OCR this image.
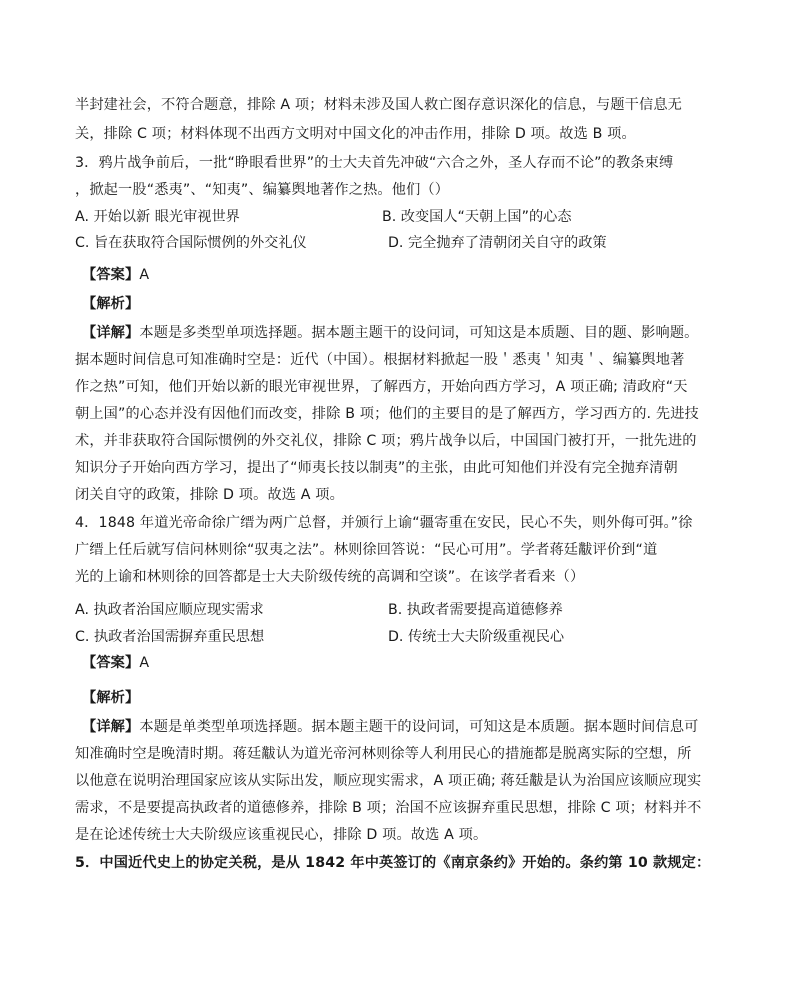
半封建社会，不符合题意，排除 A 项；材料未涉及国人救亡图存意识深化的信息，与题干信息无
关，排除 C 项；材料体现不出西方文明对中国文化的冲击作用，排除 D 项。故选 B 项。
3．鸦片战争前后，一批“睁眼看世界”的士大夫首先冲破“六合之外，圣人存而不论”的教条束缚
，掀起一股“悉夷”、“知夷”、编纂舆地著作之热。他们（）
A. 开始以新 眼光审视世界	B. 改变国人“天朝上国”的心态
C. 旨在获取符合国际惯例的外交礼仪	D. 完全抛弃了清朝闭关自守的政策
【答案】A
【解析】
【详解】本题是多类型单项选择题。据本题主题干的设问词，可知这是本质题、目的题、影响题。
据本题时间信息可知准确时空是：近代（中国）。根据材料掀起一股＇悉夷＇知夷＇、编纂舆地著
作之热”可知，他们开始以新的眼光审视世界，了解西方，开始向西方学习，A 项正确; 清政府“天
朝上国”的心态并没有因他们而改变，排除 B 项；他们的主要目的是了解西方，学习西方的. 先进技
术，并非获取符合国际惯例的外交礼仪，排除 C 项；鸦片战争以后，中国国门被打开，一批先进的
知识分子开始向西方学习，提出了“师夷长技以制夷”的主张，由此可知他们并没有完全抛弃清朝
闭关自守的政策，排除 D 项。故选 A 项。
4．1848 年道光帝命徐广缙为两广总督，并颁行上谕“疆寄重在安民，民心不失，则外侮可弭。”徐
广缙上任后就写信问林则徐“驭夷之法”。林则徐回答说：“民心可用”。学者蒋廷黻评价到“道
光的上谕和林则徐的回答都是士大夫阶级传统的高调和空谈”。在该学者看来（）
A. 执政者治国应顺应现实需求	B. 执政者需要提高道德修养
C. 执政者治国需摒弃重民思想	D. 传统士大夫阶级重视民心
【答案】A
【解析】
【详解】本题是单类型单项选择题。据本题主题干的设问词，可知这是本质题。据本题时间信息可
知准确时空是晚清时期。蒋廷黻认为道光帝河林则徐等人利用民心的措施都是脱离实际的空想，所
以他意在说明治理国家应该从实际出发，顺应现实需求，A 项正确; 蒋廷黻是认为治国应该顺应现实
需求，不是要提高执政者的道德修养，排除 B 项；治国不应该摒弃重民思想，排除 C 项；材料并不
是在论述传统士大夫阶级应该重视民心，排除 D 项。故选 A 项。
5．中国近代史上的协定关税，是从 1842 年中英签订的《南京条约》开始的。条约第 10 款规定：
